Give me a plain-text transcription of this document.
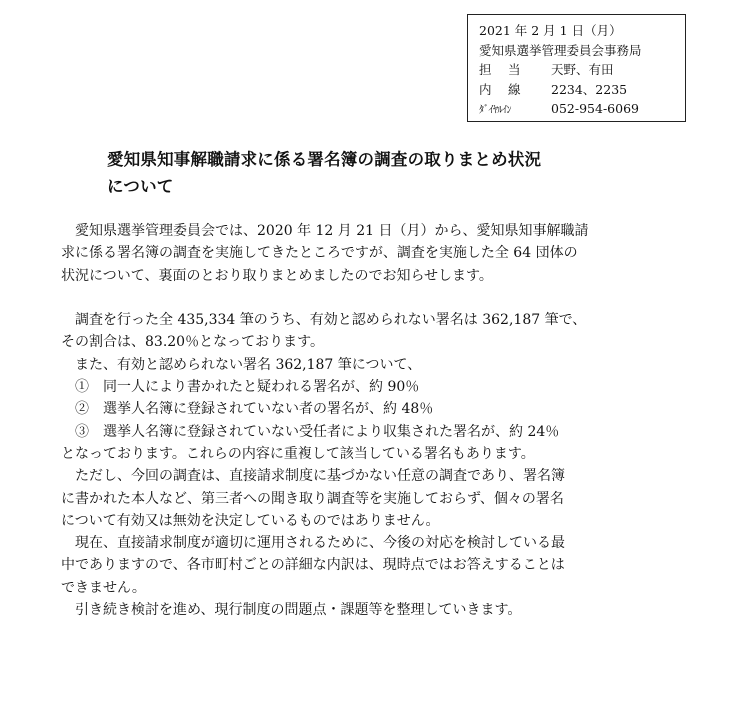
2021 年 2 月 1 日（月）
愛知県選挙管理委員会事務局
担　 当 天野、有田
内　 線 2234、2235
ﾀﾞｲﾔﾙｲﾝ	052-954-6069
愛知県知事解職請求に係る署名簿の調査の取りまとめ状況
について

　愛知県選挙管理委員会では、2020 年 12 月 21 日（月）から、愛知県知事解職請

求に係る署名簿の調査を実施してきたところですが、調査を実施した全 64 団体の

状況について、裏面のとおり取りまとめましたのでお知らせします。

　調査を行った全 435,334 筆のうち、有効と認められない署名は 362,187 筆で、

その割合は、83.20％となっております。

　また、有効と認められない署名 362,187 筆について、

　①　同一人により書かれたと疑われる署名が、約 90％

　②　選挙人名簿に登録されていない者の署名が、約 48％

　③　選挙人名簿に登録されていない受任者により収集された署名が、約 24％

となっております。これらの内容に重複して該当している署名もあります。

　ただし、今回の調査は、直接請求制度に基づかない任意の調査であり、署名簿

に書かれた本人など、第三者への聞き取り調査等を実施しておらず、個々の署名

について有効又は無効を決定しているものではありません。

　現在、直接請求制度が適切に運用されるために、今後の対応を検討している最

中でありますので、各市町村ごとの詳細な内訳は、現時点ではお答えすることは

できません。

　引き続き検討を進め、現行制度の問題点・課題等を整理していきます。
